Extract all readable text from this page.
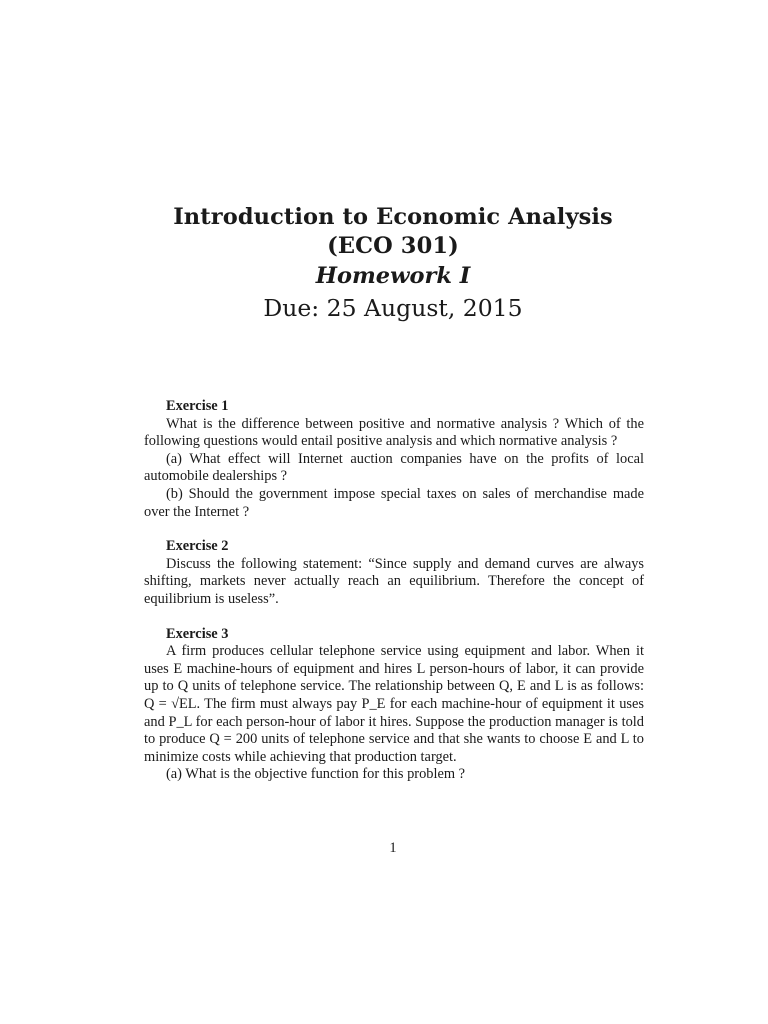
Introduction to Economic Analysis
(ECO 301)
Homework I
Due: 25 August, 2015
Exercise 1
What is the difference between positive and normative analysis ? Which of the following questions would entail positive analysis and which normative analysis ?
(a) What effect will Internet auction companies have on the profits of local automobile dealerships ?
(b) Should the government impose special taxes on sales of merchandise made over the Internet ?
Exercise 2
Discuss the following statement: “Since supply and demand curves are always shifting, markets never actually reach an equilibrium. Therefore the concept of equilibrium is useless”.
Exercise 3
A firm produces cellular telephone service using equipment and labor. When it uses E machine-hours of equipment and hires L person-hours of labor, it can provide up to Q units of telephone service. The relationship between Q, E and L is as follows: Q = √EL. The firm must always pay P_E for each machine-hour of equipment it uses and P_L for each person-hour of labor it hires. Suppose the production manager is told to produce Q = 200 units of telephone service and that she wants to choose E and L to minimize costs while achieving that production target.
(a) What is the objective function for this problem ?
1
